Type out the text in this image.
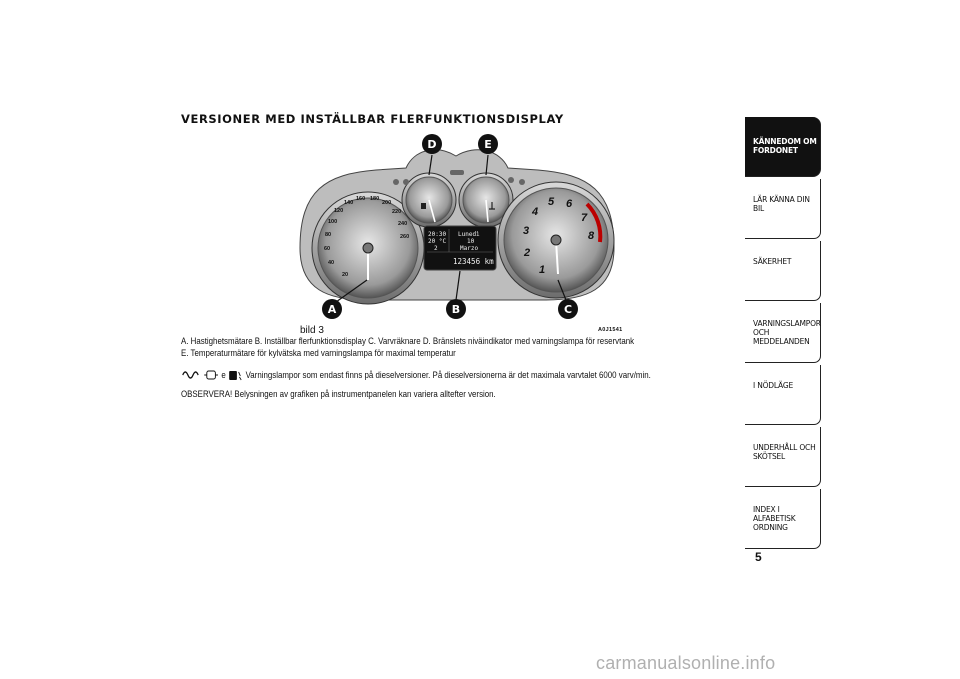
VERSIONER MED INSTÄLLBAR FLERFUNKTIONSDISPLAY
20
40
60
80
100
120
140
160 180
200
220
240
260	20:30
20 °C
2
Lunedì
10
Marzo
123456 km
1
2
3
4
5 6
7
8
A	B	C
D	E
bild 3	A0J1541

A. Hastighetsmätare B. Inställbar flerfunktionsdisplay C. Varvräknare D. Bränslets niväindikator med varningslampa för reservtank

E. Temperaturmätare för kylvätska med varningslampa för maximal temperatur

e Varningslampor som endast finns på dieselversioner. På dieselversionerna är det maximala varvtalet 6000 varv/min.
OBSERVERA! Belysningen av grafiken på instrumentpanelen kan variera alltefter version.
KÄNNEDOM OM
FORDONET
LÄR KÄNNA DIN BIL
SÄKERHET
VARNINGSLAMPOR
OCH MEDDELANDEN
I NÖDLÄGE
UNDERHÅLL OCH
SKÖTSEL
INDEX I ALFABETISK
ORDNING
5
carmanualsonline.info
